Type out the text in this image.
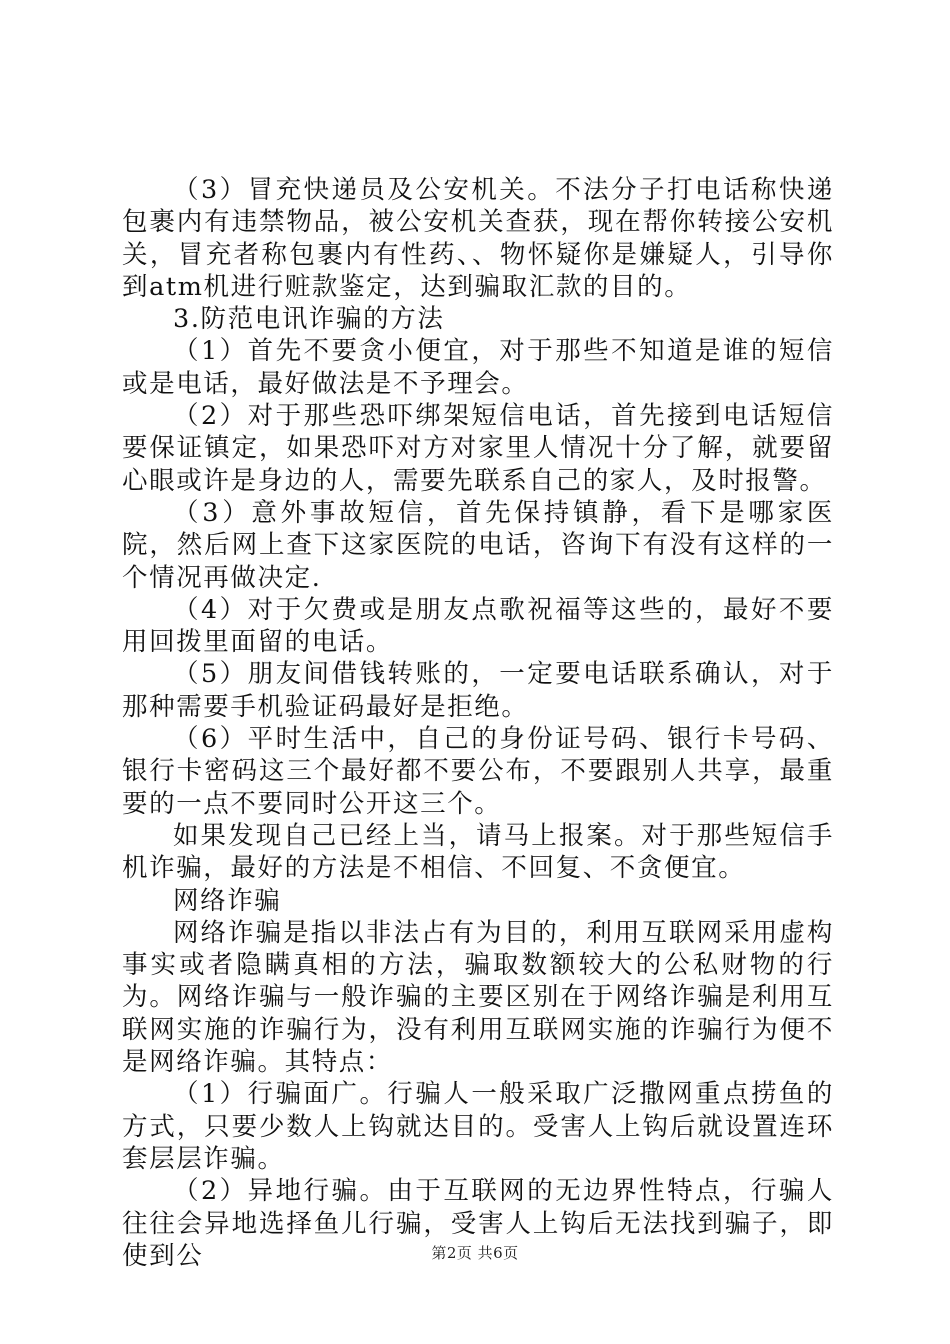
（3）冒充快递员及公安机关。不法分子打电话称快递包裹内有违禁物品，被公安机关查获，现在帮你转接公安机关，冒充者称包裹内有性药、、物怀疑你是嫌疑人，引导你到atm机进行赃款鉴定，达到骗取汇款的目的。

3.防范电讯诈骗的方法

（1）首先不要贪小便宜，对于那些不知道是谁的短信或是电话，最好做法是不予理会。

（2）对于那些恐吓绑架短信电话，首先接到电话短信要保证镇定，如果恐吓对方对家里人情况十分了解，就要留心眼或许是身边的人，需要先联系自己的家人，及时报警。

（3）意外事故短信，首先保持镇静，看下是哪家医院，然后网上查下这家医院的电话，咨询下有没有这样的一个情况再做决定.

（4）对于欠费或是朋友点歌祝福等这些的，最好不要用回拨里面留的电话。

（5）朋友间借钱转账的，一定要电话联系确认，对于那种需要手机验证码最好是拒绝。

（6）平时生活中，自己的身份证号码、银行卡号码、银行卡密码这三个最好都不要公布，不要跟别人共享，最重要的一点不要同时公开这三个。

如果发现自己已经上当，请马上报案。对于那些短信手机诈骗，最好的方法是不相信、不回复、不贪便宜。

网络诈骗

网络诈骗是指以非法占有为目的，利用互联网采用虚构事实或者隐瞒真相的方法，骗取数额较大的公私财物的行为。网络诈骗与一般诈骗的主要区别在于网络诈骗是利用互联网实施的诈骗行为，没有利用互联网实施的诈骗行为便不是网络诈骗。其特点：

（1）行骗面广。行骗人一般采取广泛撒网重点捞鱼的方式，只要少数人上钩就达目的。受害人上钩后就设置连环套层层诈骗。

（2）异地行骗。由于互联网的无边界性特点，行骗人往往会异地选择鱼儿行骗，受害人上钩后无法找到骗子，即使到公	第2页 共6页
